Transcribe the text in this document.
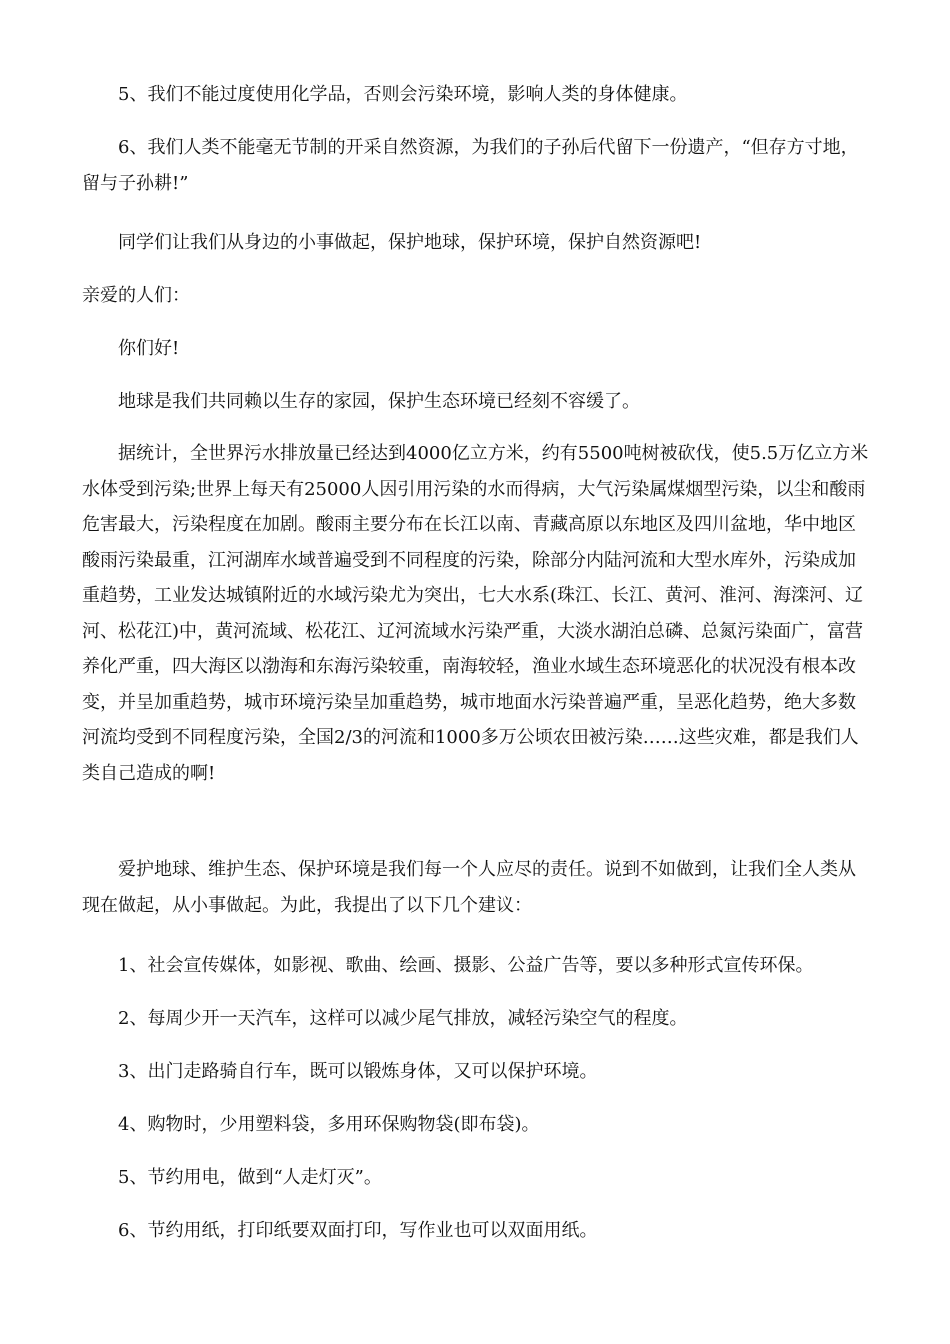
5、我们不能过度使用化学品，否则会污染环境，影响人类的身体健康。
6、我们人类不能毫无节制的开采自然资源，为我们的子孙后代留下一份遗产，“但存方寸地，留与子孙耕!”
同学们让我们从身边的小事做起，保护地球，保护环境，保护自然资源吧!
亲爱的人们：
你们好!
地球是我们共同赖以生存的家园，保护生态环境已经刻不容缓了。
据统计，全世界污水排放量已经达到4000亿立方米，约有5500吨树被砍伐，使5.5万亿立方米水体受到污染;世界上每天有25000人因引用污染的水而得病，大气污染属煤烟型污染，以尘和酸雨危害最大，污染程度在加剧。酸雨主要分布在长江以南、青藏高原以东地区及四川盆地，华中地区酸雨污染最重，江河湖库水域普遍受到不同程度的污染，除部分内陆河流和大型水库外，污染成加重趋势，工业发达城镇附近的水域污染尤为突出，七大水系(珠江、长江、黄河、淮河、海滦河、辽河、松花江)中，黄河流域、松花江、辽河流域水污染严重，大淡水湖泊总磷、总氮污染面广，富营养化严重，四大海区以渤海和东海污染较重，南海较轻，渔业水域生态环境恶化的状况没有根本改变，并呈加重趋势，城市环境污染呈加重趋势，城市地面水污染普遍严重，呈恶化趋势，绝大多数河流均受到不同程度污染，全国2/3的河流和1000多万公顷农田被污染……这些灾难，都是我们人类自己造成的啊!
爱护地球、维护生态、保护环境是我们每一个人应尽的责任。说到不如做到，让我们全人类从现在做起，从小事做起。为此，我提出了以下几个建议：
1、社会宣传媒体，如影视、歌曲、绘画、摄影、公益广告等，要以多种形式宣传环保。
2、每周少开一天汽车，这样可以减少尾气排放，减轻污染空气的程度。
3、出门走路骑自行车，既可以锻炼身体，又可以保护环境。
4、购物时，少用塑料袋，多用环保购物袋(即布袋)。
5、节约用电，做到“人走灯灭”。
6、节约用纸，打印纸要双面打印，写作业也可以双面用纸。
